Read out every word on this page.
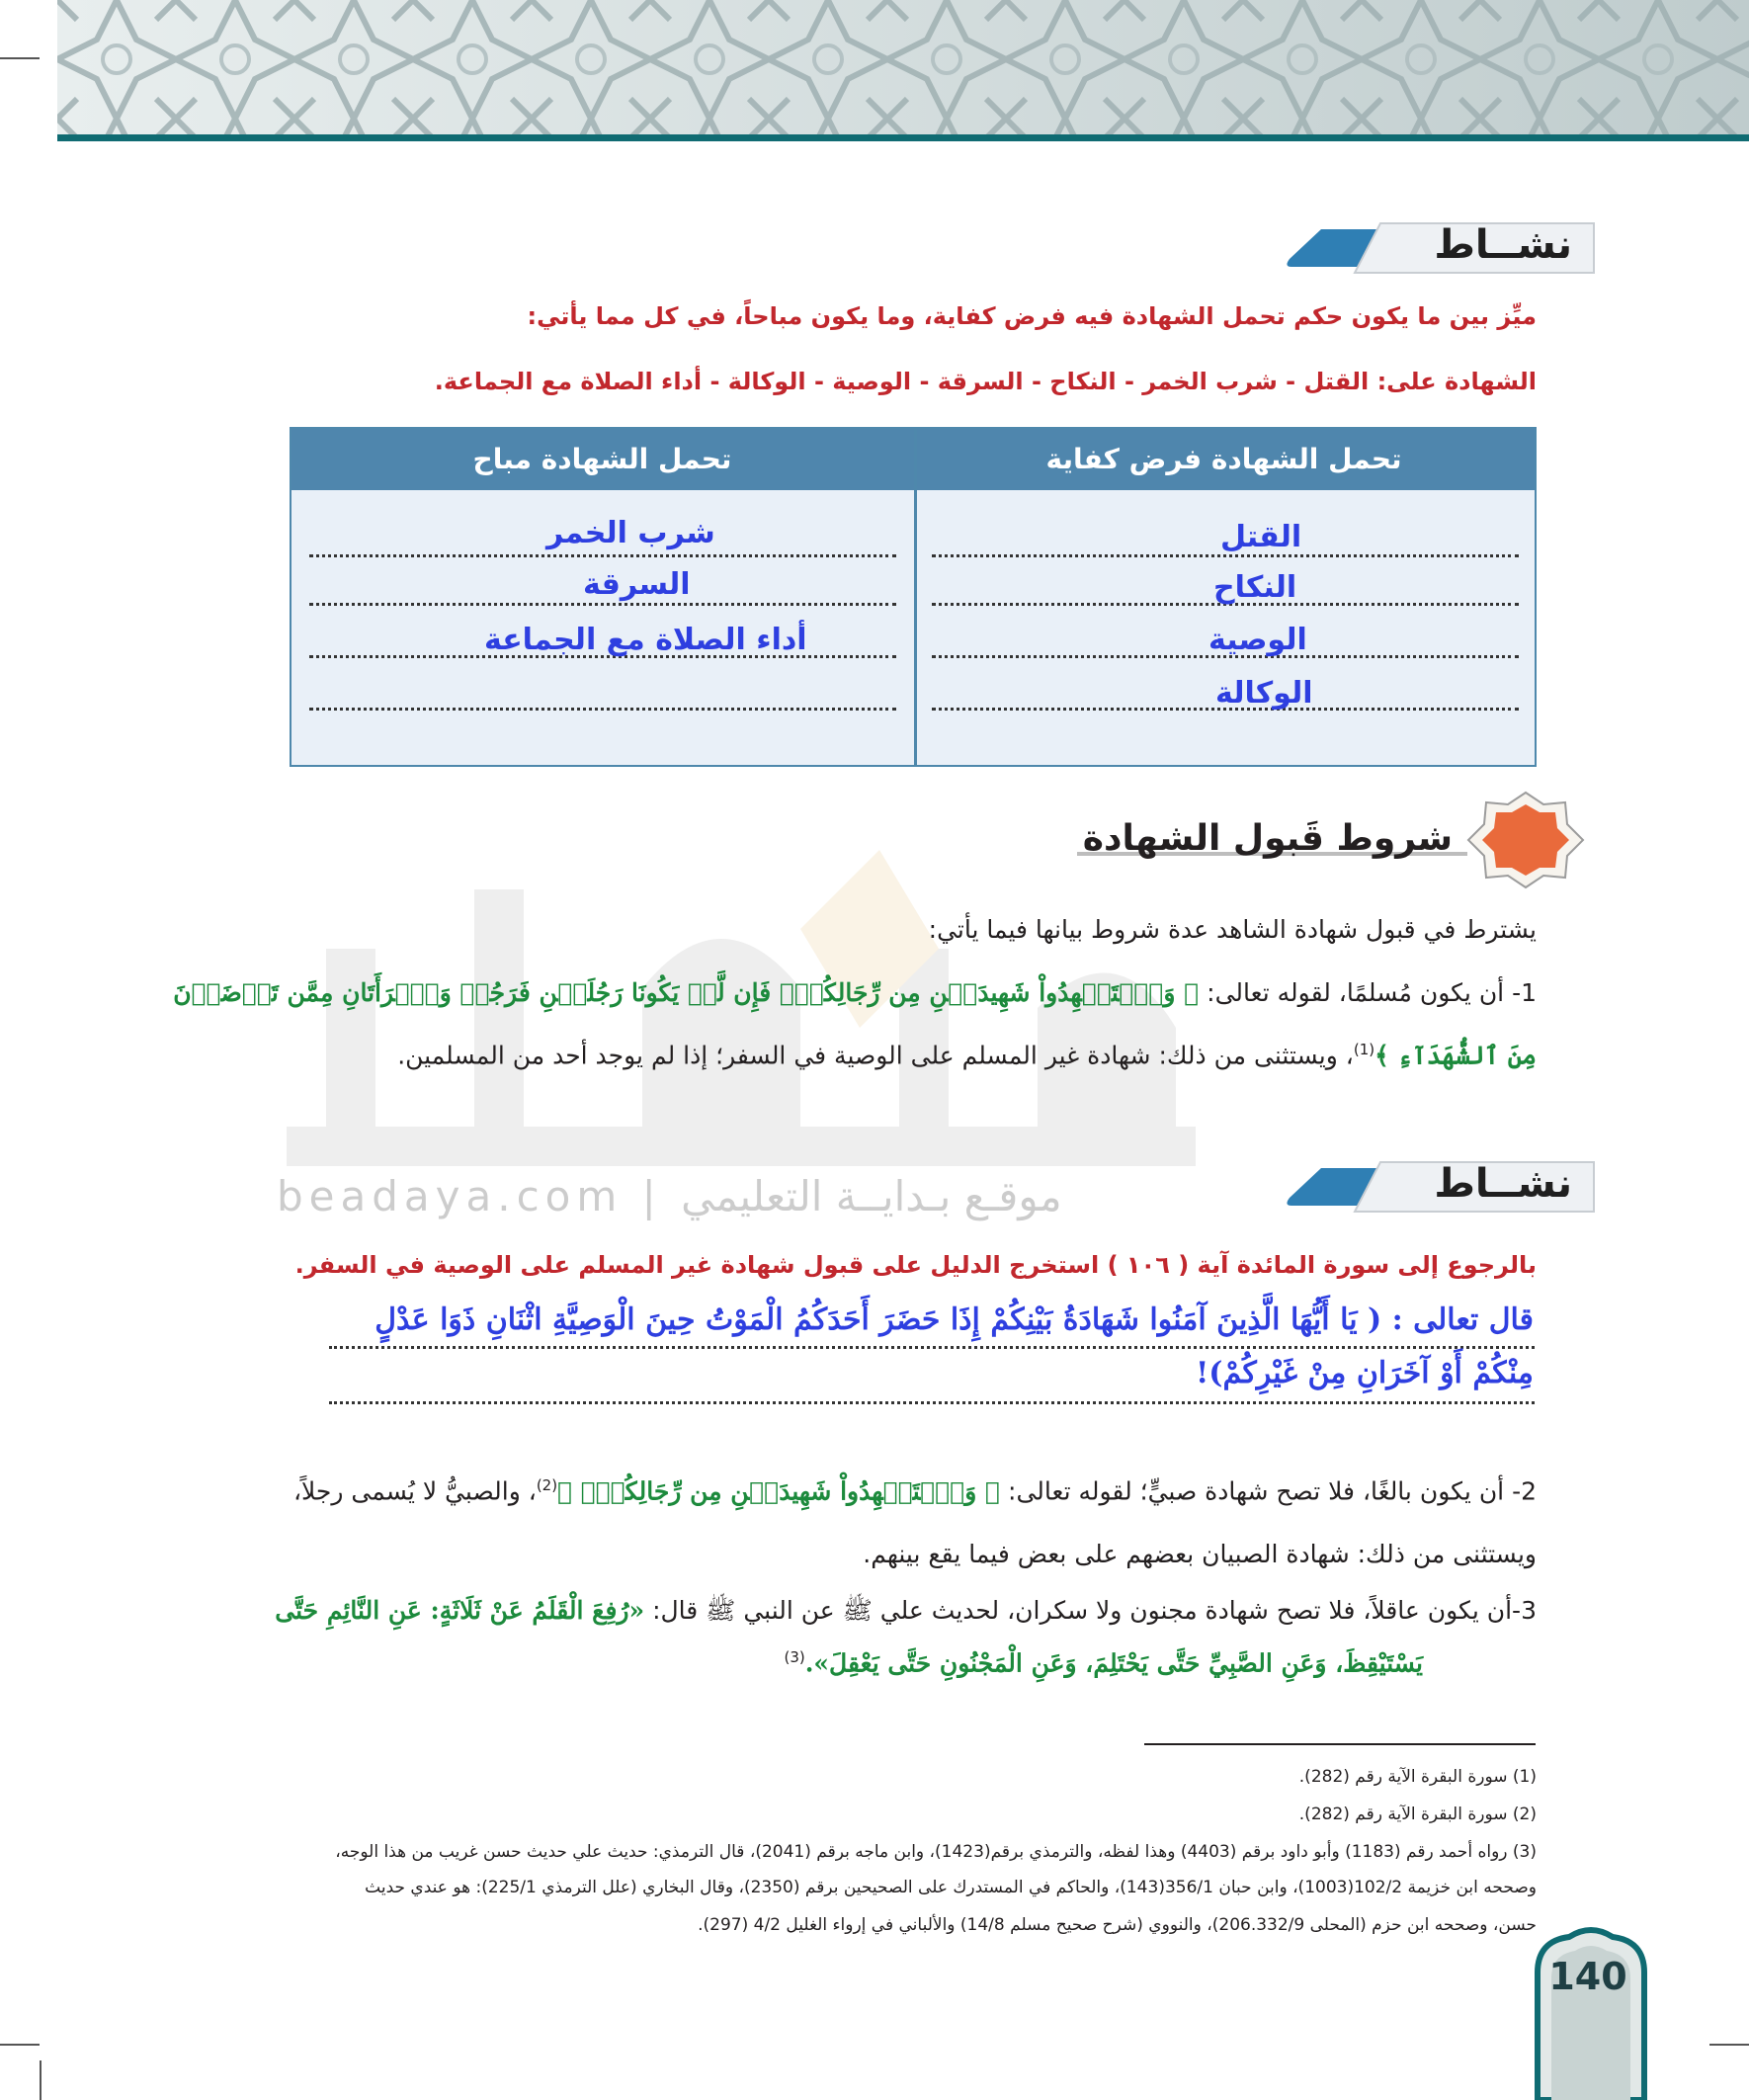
beadaya.com | موقـع بـدايــة التعليمي
نشــاط
ميِّز بين ما يكون حكم تحمل الشهادة فيه فرض كفاية، وما يكون مباحاً، في كل مما يأتي:
الشهادة على: القتل - شرب الخمر - النكاح - السرقة - الوصية - الوكالة - أداء الصلاة مع الجماعة.
تحمل الشهادة فرض كفاية
تحمل الشهادة مباح
القتل
النكاح
الوصية
الوكالة
شرب الخمر
السرقة
أداء الصلاة مع الجماعة
شروط قَبول الشهادة
يشترط في قبول شهادة الشاهد عدة شروط بيانها فيما يأتي:
1- أن يكون مُسلمًا، لقوله تعالى: ﴿ وَٱسۡتَشۡهِدُواْ شَهِيدَيۡنِ مِن رِّجَالِكُمۡۖ فَإِن لَّمۡ يَكُونَا رَجُلَيۡنِ فَرَجُلٞ وَٱمۡرَأَتَانِ مِمَّن تَرۡضَوۡنَ
مِنَ ٱلشُّهَدَآءِ ﴾$^{(1)}$، ويستثنى من ذلك: شهادة غير المسلم على الوصية في السفر؛ إذا لم يوجد أحد من المسلمين.
نشــاط
بالرجوع إلى سورة المائدة آية ( ١٠٦ ) استخرج الدليل على قبول شهادة غير المسلم على الوصية في السفر.
قال تعالى : ( يَا أَيُّهَا الَّذِينَ آمَنُوا شَهَادَةُ بَيْنِكُمْ إِذَا حَضَرَ أَحَدَكُمُ الْمَوْتُ حِينَ الْوَصِيَّةِ اثْنَانِ ذَوَا عَدْلٍ
مِنْكُمْ أَوْ آخَرَانِ مِنْ غَيْرِكُمْ)!
2- أن يكون بالغًا، فلا تصح شهادة صبيٍّ؛ لقوله تعالى: ﴿ وَٱسۡتَشۡهِدُواْ شَهِيدَيۡنِ مِن رِّجَالِكُمۡۖ ﴾$^{(2)}$، والصبيُّ لا يُسمى رجلاً،
ويستثنى من ذلك: شهادة الصبيان بعضهم على بعض فيما يقع بينهم.
3-أن يكون عاقلاً، فلا تصح شهادة مجنون ولا سكران، لحديث علي ﷺ عن النبي ﷺ قال: «رُفِعَ الْقَلَمُ عَنْ ثَلَاثَةٍ: عَنِ النَّائِمِ حَتَّى
يَسْتَيْقِظَ، وَعَنِ الصَّبِيِّ حَتَّى يَحْتَلِمَ، وَعَنِ الْمَجْنُونِ حَتَّى يَعْقِلَ».$^{(3)}$
(1) سورة البقرة الآية رقم (282).
(2) سورة البقرة الآية رقم (282).
(3) رواه أحمد رقم (1183) وأبو داود برقم (4403) وهذا لفظه، والترمذي برقم(1423)، وابن ماجه برقم (2041)، قال الترمذي: حديث علي حديث حسن غريب من هذا الوجه،
وصححه ابن خزيمة 102/2(1003)، وابن حبان 356/1(143)، والحاكم في المستدرك على الصحيحين برقم (2350)، وقال البخاري (علل الترمذي 225/1): هو عندي حديث
حسن، وصححه ابن حزم (المحلى 206.332/9)، والنووي (شرح صحيح مسلم 14/8) والألباني في إرواء الغليل 4/2 (297).
140
